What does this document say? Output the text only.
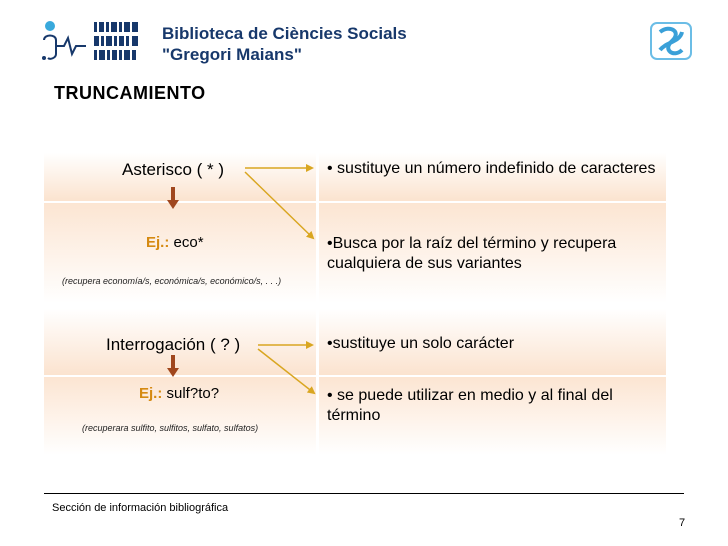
Biblioteca de Ciències Socials
"Gregori Maians"
TRUNCAMIENTO
Asterisco ( * )
Ej.: eco*
(recupera economía/s, económica/s, económico/s, . . .)
• sustituye un número indefinido de caracteres
•Busca por la raíz del término y recupera cualquiera de sus variantes
Interrogación ( ? )
Ej.: sulf?to?
(recuperara sulfito, sulfitos, sulfato, sulfatos)
•sustituye un solo carácter
• se puede utilizar en medio y al final del término
Sección de información bibliográfica
7
